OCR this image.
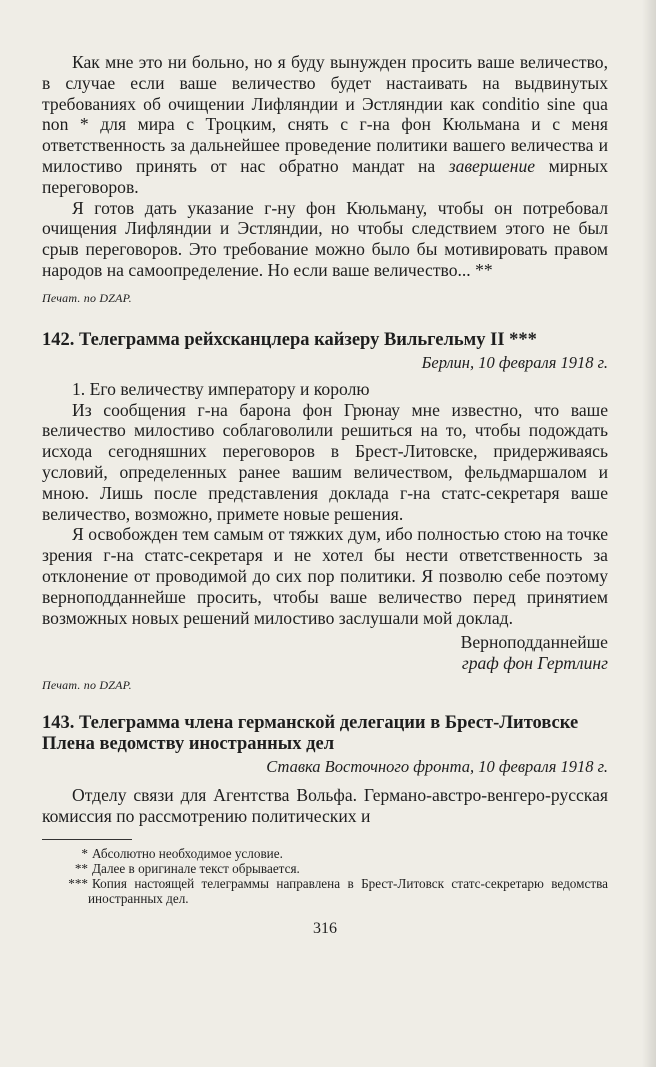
Как мне это ни больно, но я буду вынужден просить ваше величество, в случае если ваше величество будет настаивать на выдвинутых требованиях об очищении Лифляндии и Эстляндии как conditio sine qua non * для мира с Троцким, снять с г-на фон Кюльмана и с меня ответственность за дальнейшее проведение политики вашего величества и милостиво принять от нас обратно мандат на завершение мирных переговоров.

Я готов дать указание г-ну фон Кюльману, чтобы он потребовал очищения Лифляндии и Эстляндии, но чтобы следствием этого не был срыв переговоров. Это требование можно было бы мотивировать правом народов на самоопределение. Но если ваше величество... **

Печат. по DZAP.

142. Телеграмма рейхсканцлера кайзеру Вильгельму II ***
Берлин, 10 февраля 1918 г.

1. Его величеству императору и королю

Из сообщения г-на барона фон Грюнау мне известно, что ваше величество милостиво соблаговолили решиться на то, чтобы подождать исхода сегодняшних переговоров в Брест-Литовске, придерживаясь условий, определенных ранее вашим величеством, фельдмаршалом и мною. Лишь после представления доклада г-на статс-секретаря ваше величество, возможно, примете новые решения.

Я освобожден тем самым от тяжких дум, ибо полностью стою на точке зрения г-на статс-секретаря и не хотел бы нести ответственность за отклонение от проводимой до сих пор политики. Я позволю себе поэтому верноподданнейше просить, чтобы ваше величество перед принятием возможных новых решений милостиво заслушали мой доклад.

Верноподданнейше
граф фон Гертлинг

Печат. по DZAP.

143. Телеграмма члена германской делегации в Брест-Литовске Плена ведомству иностранных дел
Ставка Восточного фронта, 10 февраля 1918 г.

Отделу связи для Агентства Вольфа. Германо-австро-венгеро-русская комиссия по рассмотрению политических и

* Абсолютно необходимое условие.

** Далее в оригинале текст обрывается.

*** Копия настоящей телеграммы направлена в Брест-Литовск статс-секретарю ведомства иностранных дел.

316
